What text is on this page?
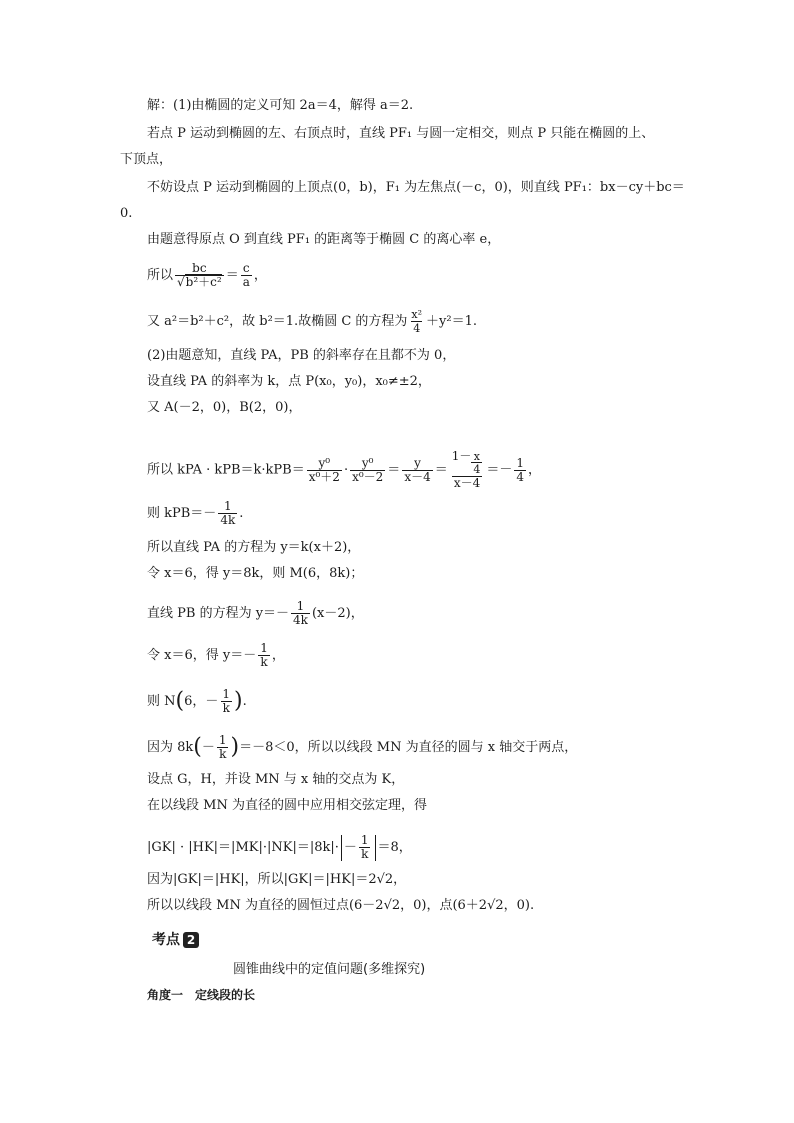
解：(1)由椭圆的定义可知 2a＝4，解得 a＝2.
若点 P 运动到椭圆的左、右顶点时，直线 PF₁ 与圆一定相交，则点 P 只能在椭圆的上、
下顶点，
不妨设点 P 运动到椭圆的上顶点(0，b)，F₁ 为左焦点(－c，0)，则直线 PF₁：bx－cy＋bc＝
0.
由题意得原点 O 到直线 PF₁ 的距离等于椭圆 C 的离心率 e，
所以 $\frac{bc}{\text{√b²＋c²}} = \frac{c}{a}$ ，
又 a²＝b²＋c²，故 b²＝1.故椭圆 C 的方程为 $\frac{\text{x²}}{4} +y^2=1$.
(2)由题意知，直线 PA，PB 的斜率存在且都不为 0，
设直线 PA 的斜率为 k，点 P(x₀，y₀)，x₀≠±2，
又 A(－2，0)，B(2，0)，
所以 kPA · $kPB=k\cdot kPB= \frac{\text{y⁰}}{\text{x⁰＋2}} \cdot \frac{\text{y⁰}}{\text{x⁰－2}} = \frac{y}{x-4} = \frac{1- \frac{x}{4}}{x-4} =- \frac{1}{4}$ ，
则 $kPB=- \frac{1}{4k}$ .
所以直线 PA 的方程为 y＝k(x＋2)，
令 x＝6，得 y＝8k，则 M(6，8k)；
直线 PB 的方程为 $y=- \frac{1}{4k} (x-2)$，
令 x＝6，得 $y=- \frac{1}{k}$ ，
则 N(6，－ $\frac{1}{k}$ ).
因为 $8k(- \frac{1}{k} )=-8<0$，所以以线段 MN 为直径的圆与 x 轴交于两点，
设点 G，H，并设 MN 与 x 轴的交点为 K，
在以线段 MN 为直径的圆中应用相交弦定理，得
$|GK| \cdot |HK|=|MK|\cdot|NK|=|8k|\cdot - \frac{1}{k} =8$，
因为|GK|＝|HK|，所以|GK|＝|HK|＝2√2，
所以以线段 MN 为直径的圆恒过点(6－2√2，0)，点(6＋2√2，0).
考点 2
圆锥曲线中的定值问题(多维探究)
角度一　定线段的长
